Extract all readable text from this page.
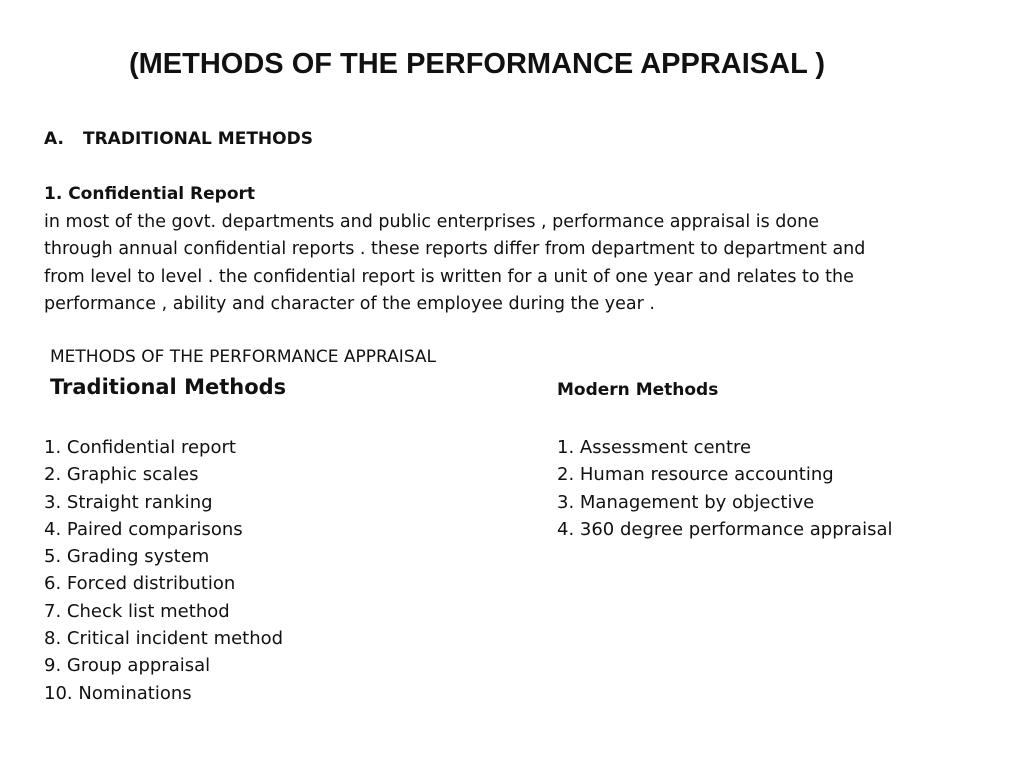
(METHODS OF THE PERFORMANCE APPRAISAL )
A. TRADITIONAL METHODS
1. Confidential Report
in most of the govt. departments and public enterprises , performance appraisal is done
through annual confidential reports . these reports differ from department to department and
from level to level . the confidential report is written for a unit of one year and relates to the
performance , ability and character of the employee during the year .
METHODS OF THE PERFORMANCE APPRAISAL
Traditional Methods	Modern Methods
1. Confidential report
2. Graphic scales
3. Straight ranking
4. Paired comparisons
5. Grading system
6. Forced distribution
7. Check list method
8. Critical incident method
9. Group appraisal
10. Nominations
1. Assessment centre
2. Human resource accounting
3. Management by objective
4. 360 degree performance appraisal
